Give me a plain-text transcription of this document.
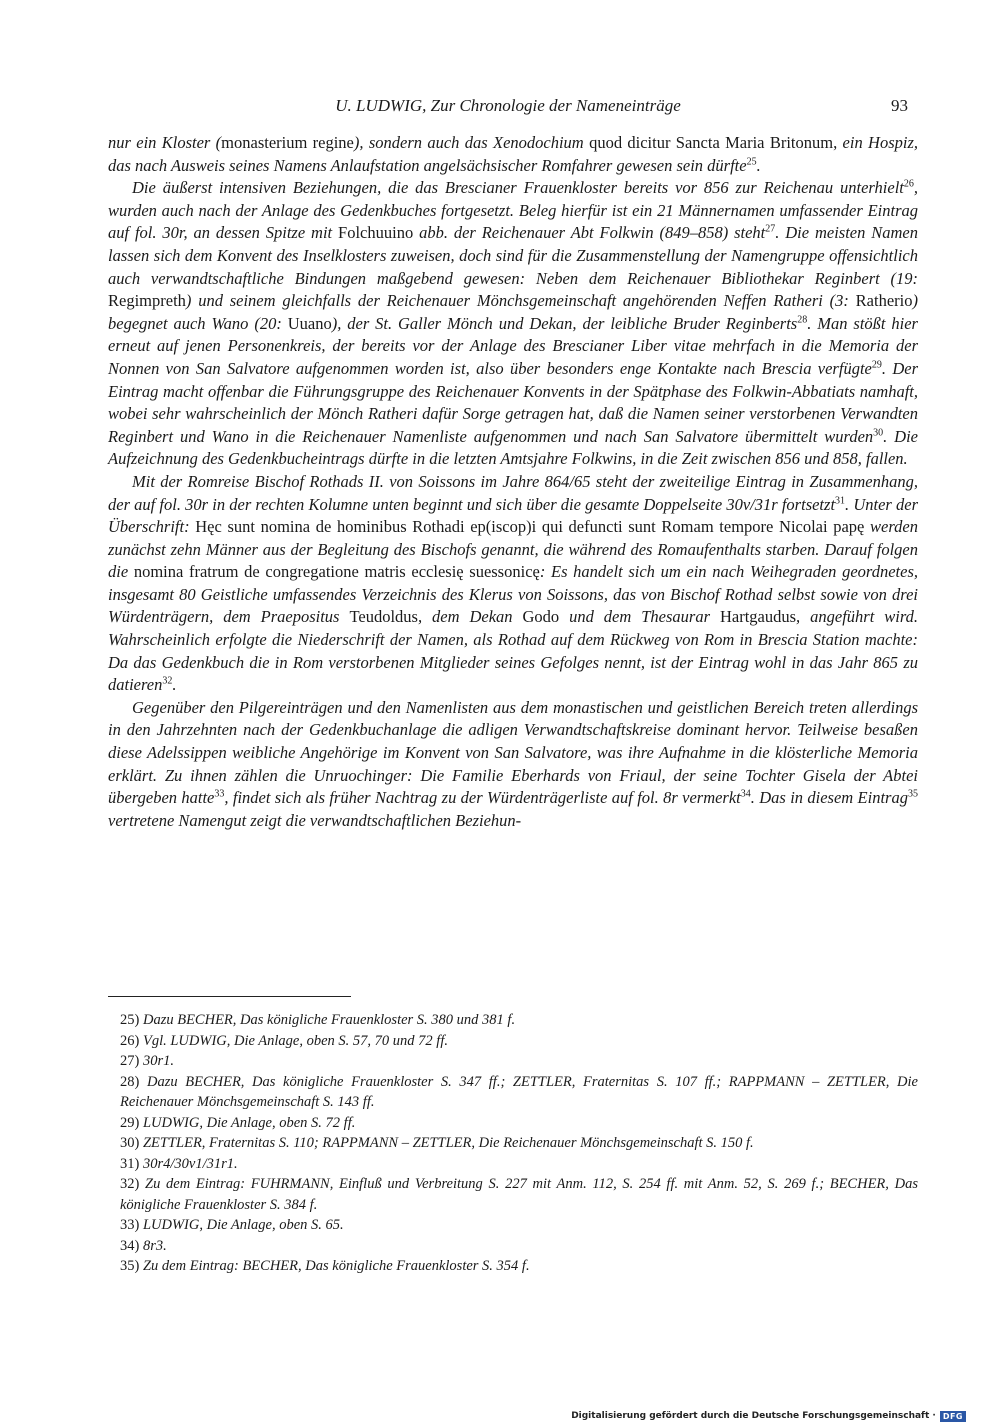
U. LUDWIG, Zur Chronologie der Nameneinträge	93

nur ein Kloster (monasterium regine), sondern auch das Xenodochium quod dicitur Sancta Maria Britonum, ein Hospiz, das nach Ausweis seines Namens Anlaufstation angelsächsischer Romfahrer gewesen sein dürfte$^{25}$.

Die äußerst intensiven Beziehungen, die das Brescianer Frauenkloster bereits vor 856 zur Reichenau unterhielt$^{26}$, wurden auch nach der Anlage des Gedenkbuches fortgesetzt. Beleg hierfür ist ein 21 Männernamen umfassender Eintrag auf fol. 30r, an dessen Spitze mit Folchuuino abb. der Reichenauer Abt Folkwin (849–858) steht$^{27}$. Die meisten Namen lassen sich dem Konvent des Inselklosters zuweisen, doch sind für die Zusammenstellung der Namengruppe offensichtlich auch verwandtschaftliche Bindungen maßgebend gewesen: Neben dem Reichenauer Bibliothekar Reginbert (19: Regimpreth) und seinem gleichfalls der Reichenauer Mönchsgemeinschaft angehörenden Neffen Ratheri (3: Ratherio) begegnet auch Wano (20: Uuano), der St. Galler Mönch und Dekan, der leibliche Bruder Reginberts$^{28}$. Man stößt hier erneut auf jenen Personenkreis, der bereits vor der Anlage des Brescianer Liber vitae mehrfach in die Memoria der Nonnen von San Salvatore aufgenommen worden ist, also über besonders enge Kontakte nach Brescia verfügte$^{29}$. Der Eintrag macht offenbar die Führungsgruppe des Reichenauer Konvents in der Spätphase des Folkwin-Abbatiats namhaft, wobei sehr wahrscheinlich der Mönch Ratheri dafür Sorge getragen hat, daß die Namen seiner verstorbenen Verwandten Reginbert und Wano in die Reichenauer Namenliste aufgenommen und nach San Salvatore übermittelt wurden$^{30}$. Die Aufzeichnung des Gedenkbucheintrags dürfte in die letzten Amtsjahre Folkwins, in die Zeit zwischen 856 und 858, fallen.

Mit der Romreise Bischof Rothads II. von Soissons im Jahre 864/65 steht der zweiteilige Eintrag in Zusammenhang, der auf fol. 30r in der rechten Kolumne unten beginnt und sich über die gesamte Doppelseite 30v/31r fortsetzt$^{31}$. Unter der Überschrift: Hęc sunt nomina de hominibus Rothadi ep(iscop)i qui defuncti sunt Romam tempore Nicolai papę werden zunächst zehn Männer aus der Begleitung des Bischofs genannt, die während des Romaufenthalts starben. Darauf folgen die nomina fratrum de congregatione matris ecclesię suessonicę: Es handelt sich um ein nach Weihegraden geordnetes, insgesamt 80 Geistliche umfassendes Verzeichnis des Klerus von Soissons, das von Bischof Rothad selbst sowie von drei Würdenträgern, dem Praepositus Teudoldus, dem Dekan Godo und dem Thesaurar Hartgaudus, angeführt wird. Wahrscheinlich erfolgte die Niederschrift der Namen, als Rothad auf dem Rückweg von Rom in Brescia Station machte: Da das Gedenkbuch die in Rom verstorbenen Mitglieder seines Gefolges nennt, ist der Eintrag wohl in das Jahr 865 zu datieren$^{32}$.

Gegenüber den Pilgereinträgen und den Namenlisten aus dem monastischen und geistlichen Bereich treten allerdings in den Jahrzehnten nach der Gedenkbuchanlage die adligen Verwandtschaftskreise dominant hervor. Teilweise besaßen diese Adelssippen weibliche Angehörige im Konvent von San Salvatore, was ihre Aufnahme in die klösterliche Memoria erklärt. Zu ihnen zählen die Unruochinger: Die Familie Eberhards von Friaul, der seine Tochter Gisela der Abtei übergeben hatte$^{33}$, findet sich als früher Nachtrag zu der Würdenträgerliste auf fol. 8r vermerkt$^{34}$. Das in diesem Eintrag$^{35}$ vertretene Namengut zeigt die verwandtschaftlichen Beziehun-

25) Dazu BECHER, Das königliche Frauenkloster S. 380 und 381 f.
26) Vgl. LUDWIG, Die Anlage, oben S. 57, 70 und 72 ff.
27) 30r1.
28) Dazu BECHER, Das königliche Frauenkloster S. 347 ff.; ZETTLER, Fraternitas S. 107 ff.; RAPPMANN – ZETTLER, Die Reichenauer Mönchsgemeinschaft S. 143 ff.
29) LUDWIG, Die Anlage, oben S. 72 ff.
30) ZETTLER, Fraternitas S. 110; RAPPMANN – ZETTLER, Die Reichenauer Mönchsgemeinschaft S. 150 f.
31) 30r4/30v1/31r1.
32) Zu dem Eintrag: FUHRMANN, Einfluß und Verbreitung S. 227 mit Anm. 112, S. 254 ff. mit Anm. 52, S. 269 f.; BECHER, Das königliche Frauenkloster S. 384 f.
33) LUDWIG, Die Anlage, oben S. 65.
34) 8r3.
35) Zu dem Eintrag: BECHER, Das königliche Frauenkloster S. 354 f.
Digitalisierung gefördert durch die Deutsche Forschungsgemeinschaft · DFG
